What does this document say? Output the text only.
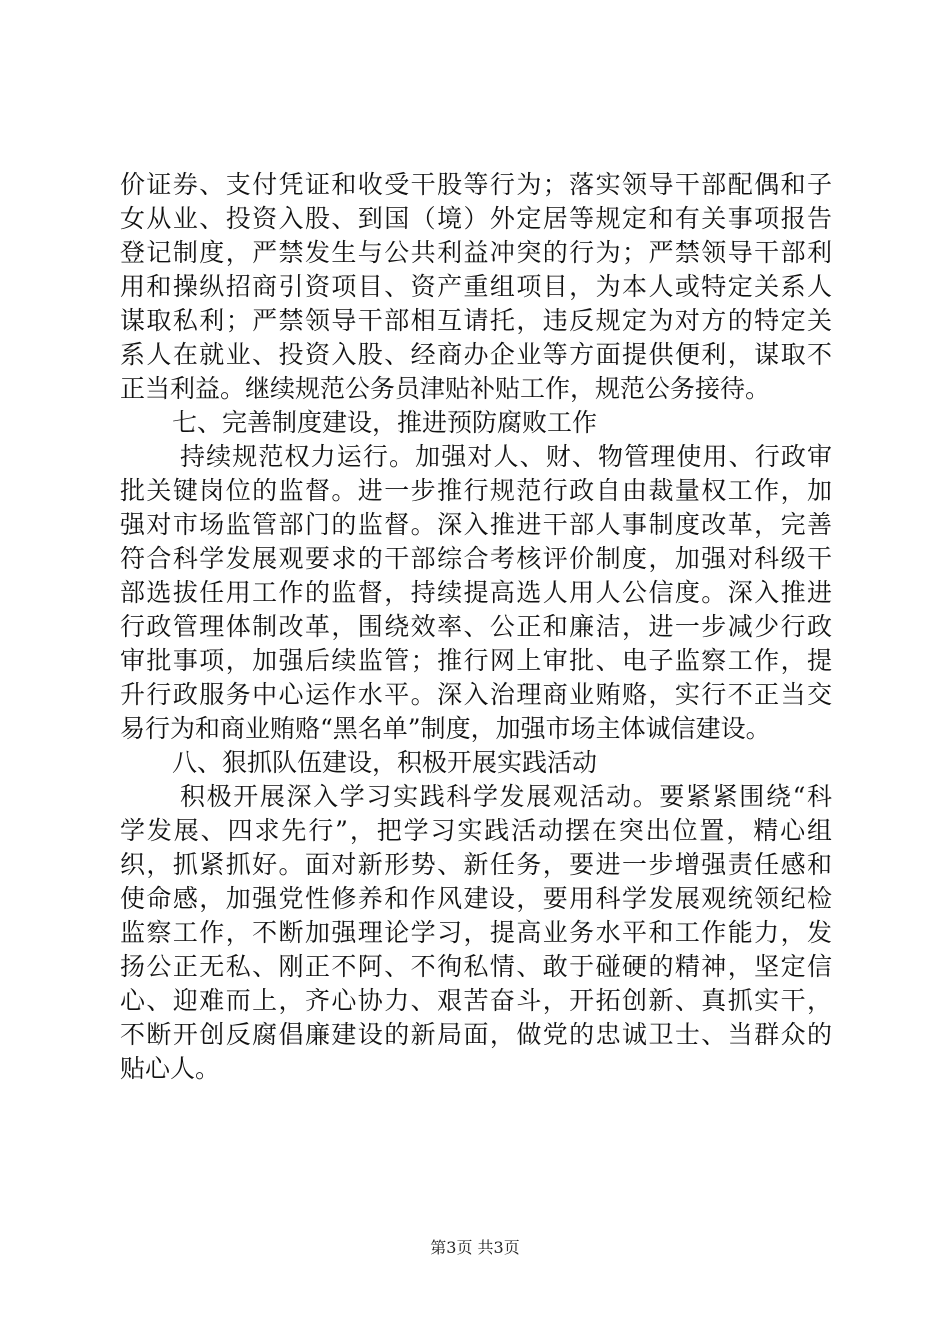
价证券、支付凭证和收受干股等行为；落实领导干部配偶和子
女从业、投资入股、到国（境）外定居等规定和有关事项报告
登记制度，严禁发生与公共利益冲突的行为；严禁领导干部利
用和操纵招商引资项目、资产重组项目，为本人或特定关系人
谋取私利；严禁领导干部相互请托，违反规定为对方的特定关
系人在就业、投资入股、经商办企业等方面提供便利，谋取不
正当利益。继续规范公务员津贴补贴工作，规范公务接待。
七、完善制度建设，推进预防腐败工作
持续规范权力运行。加强对人、财、物管理使用、行政审
批关键岗位的监督。进一步推行规范行政自由裁量权工作，加
强对市场监管部门的监督。深入推进干部人事制度改革，完善
符合科学发展观要求的干部综合考核评价制度，加强对科级干
部选拔任用工作的监督，持续提高选人用人公信度。深入推进
行政管理体制改革，围绕效率、公正和廉洁，进一步减少行政
审批事项，加强后续监管；推行网上审批、电子监察工作，提
升行政服务中心运作水平。深入治理商业贿赂，实行不正当交
易行为和商业贿赂“黑名单”制度，加强市场主体诚信建设。
八、狠抓队伍建设，积极开展实践活动
积极开展深入学习实践科学发展观活动。要紧紧围绕“科
学发展、四求先行”，把学习实践活动摆在突出位置，精心组
织，抓紧抓好。面对新形势、新任务，要进一步增强责任感和
使命感，加强党性修养和作风建设，要用科学发展观统领纪检
监察工作，不断加强理论学习，提高业务水平和工作能力，发
扬公正无私、刚正不阿、不徇私情、敢于碰硬的精神，坚定信
心、迎难而上，齐心协力、艰苦奋斗，开拓创新、真抓实干，
不断开创反腐倡廉建设的新局面，做党的忠诚卫士、当群众的
贴心人。
第3页 共3页
